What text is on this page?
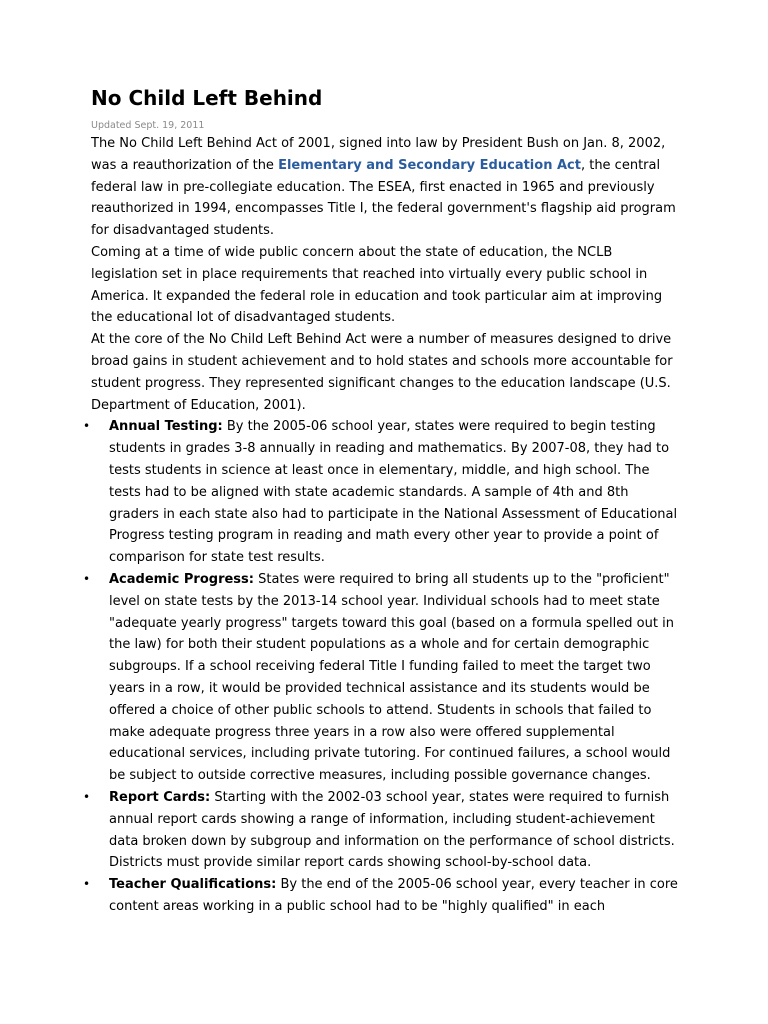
No Child Left Behind
Updated Sept. 19, 2011

The No Child Left Behind Act of 2001, signed into law by President Bush on Jan. 8, 2002, was a reauthorization of the Elementary and Secondary Education Act, the central federal law in pre-collegiate education. The ESEA, first enacted in 1965 and previously reauthorized in 1994, encompasses Title I, the federal government's flagship aid program for disadvantaged students.

Coming at a time of wide public concern about the state of education, the NCLB legislation set in place requirements that reached into virtually every public school in America. It expanded the federal role in education and took particular aim at improving the educational lot of disadvantaged students.

At the core of the No Child Left Behind Act were a number of measures designed to drive broad gains in student achievement and to hold states and schools more accountable for student progress. They represented significant changes to the education landscape (U.S. Department of Education, 2001).

•	Annual Testing: By the 2005-06 school year, states were required to begin testing students in grades 3-8 annually in reading and mathematics. By 2007-08, they had to tests students in science at least once in elementary, middle, and high school. The tests had to be aligned with state academic standards. A sample of 4th and 8th graders in each state also had to participate in the National Assessment of Educational Progress testing program in reading and math every other year to provide a point of comparison for state test results.
•	Academic Progress: States were required to bring all students up to the "proficient" level on state tests by the 2013-14 school year. Individual schools had to meet state "adequate yearly progress" targets toward this goal (based on a formula spelled out in the law) for both their student populations as a whole and for certain demographic subgroups. If a school receiving federal Title I funding failed to meet the target two years in a row, it would be provided technical assistance and its students would be offered a choice of other public schools to attend. Students in schools that failed to make adequate progress three years in a row also were offered supplemental educational services, including private tutoring. For continued failures, a school would be subject to outside corrective measures, including possible governance changes.
•	Report Cards: Starting with the 2002-03 school year, states were required to furnish annual report cards showing a range of information, including student-achievement data broken down by subgroup and information on the performance of school districts. Districts must provide similar report cards showing school-by-school data.
•	Teacher Qualifications: By the end of the 2005-06 school year, every teacher in core content areas working in a public school had to be "highly qualified" in each
